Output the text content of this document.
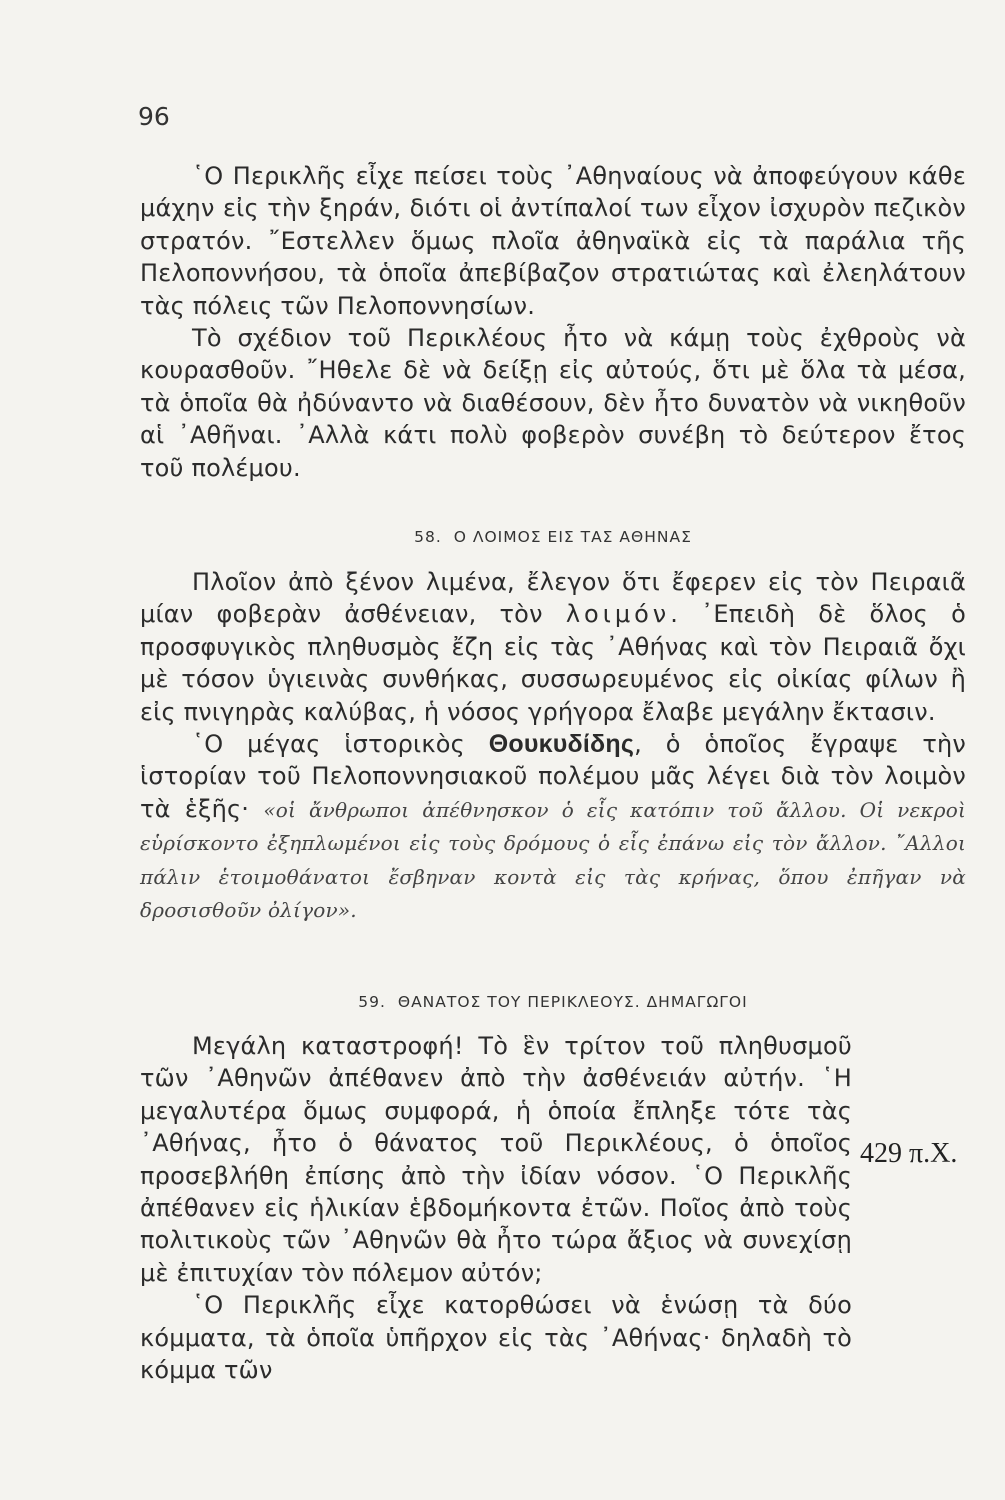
96

῾Ο Περικλῆς εἶχε πείσει τοὺς ᾿Αθηναίους νὰ ἀποφεύγουν κάθε μάχην εἰς τὴν ξηράν, διότι οἱ ἀντίπαλοί των εἶχον ἰσχυρὸν πεζικὸν στρατόν. ῎Εστελλεν ὅμως πλοῖα ἀθηναϊκὰ εἰς τὰ παράλια τῆς Πελοποννήσου, τὰ ὁποῖα ἀπεβίβαζον στρατιώτας καὶ ἐλεηλάτουν τὰς πόλεις τῶν Πελοποννησίων.

Τὸ σχέδιον τοῦ Περικλέους ἦτο νὰ κάμῃ τοὺς ἐχθροὺς νὰ κουρασθοῦν. ῎Ηθελε δὲ νὰ δείξῃ εἰς αὐτούς, ὅτι μὲ ὅλα τὰ μέσα, τὰ ὁποῖα θὰ ἠδύναντο νὰ διαθέσουν, δὲν ἦτο δυνατὸν νὰ νικηθοῦν αἱ ᾿Αθῆναι. ᾿Αλλὰ κάτι πολὺ φοβερὸν συνέβη τὸ δεύτερον ἔτος τοῦ πολέμου.

58. Ο ΛΟΙΜΟΣ ΕΙΣ ΤΑΣ ΑΘΗΝΑΣ

Πλοῖον ἀπὸ ξένον λιμένα, ἔλεγον ὅτι ἔφερεν εἰς τὸν Πειραιᾶ μίαν φοβερὰν ἀσθένειαν, τὸν λοιμόν. ᾿Επειδὴ δὲ ὅλος ὁ προσφυγικὸς πληθυσμὸς ἔζη εἰς τὰς ᾿Αθήνας καὶ τὸν Πειραιᾶ ὄχι μὲ τόσον ὑγιεινὰς συνθήκας, συσσωρευμένος εἰς οἰκίας φίλων ἢ εἰς πνιγηρὰς καλύβας, ἡ νόσος γρήγορα ἔλαβε μεγάλην ἔκτασιν.

῾Ο μέγας ἱστορικὸς Θουκυδίδης, ὁ ὁποῖος ἔγραψε τὴν ἱστορίαν τοῦ Πελοποννησιακοῦ πολέμου μᾶς λέγει διὰ τὸν λοιμὸν τὰ ἑξῆς· «οἱ ἄνθρωποι ἀπέθνησκον ὁ εἷς κατόπιν τοῦ ἄλλου. Οἱ νεκροὶ εὑρίσκοντο ἐξηπλωμένοι εἰς τοὺς δρόμους ὁ εἷς ἐπάνω εἰς τὸν ἄλλον. ῎Αλλοι πάλιν ἑτοιμοθάνατοι ἔσβηναν κοντὰ εἰς τὰς κρήνας, ὅπου ἐπῆγαν νὰ δροσισθοῦν ὀλίγον».

59. ΘΑΝΑΤΟΣ ΤΟΥ ΠΕΡΙΚΛΕΟΥΣ. ΔΗΜΑΓΩΓΟΙ

Μεγάλη καταστροφή! Τὸ ἓν τρίτον τοῦ πληθυσμοῦ τῶν ᾿Αθηνῶν ἀπέθανεν ἀπὸ τὴν ἀσθένειάν αὐτήν. ῾Η μεγαλυτέρα ὅμως συμφορά, ἡ ὁποία ἔπληξε τότε τὰς ᾿Αθήνας, ἦτο ὁ θάνατος τοῦ Περικλέους, ὁ ὁποῖος προσεβλήθη ἐπίσης ἀπὸ τὴν ἰδίαν νόσον. ῾Ο Περικλῆς ἀπέθανεν εἰς ἡλικίαν ἑβδομήκοντα ἐτῶν. Ποῖος ἀπὸ τοὺς πολιτικοὺς τῶν ᾿Αθηνῶν θὰ ἦτο τώρα ἄξιος νὰ συνεχίσῃ μὲ ἐπιτυχίαν τὸν πόλεμον αὐτόν;

῾Ο Περικλῆς εἶχε κατορθώσει νὰ ἑνώσῃ τὰ δύο κόμματα, τὰ ὁποῖα ὑπῆρχον εἰς τὰς ᾿Αθήνας· δηλαδὴ τὸ κόμμα τῶν

429 π.Χ.
